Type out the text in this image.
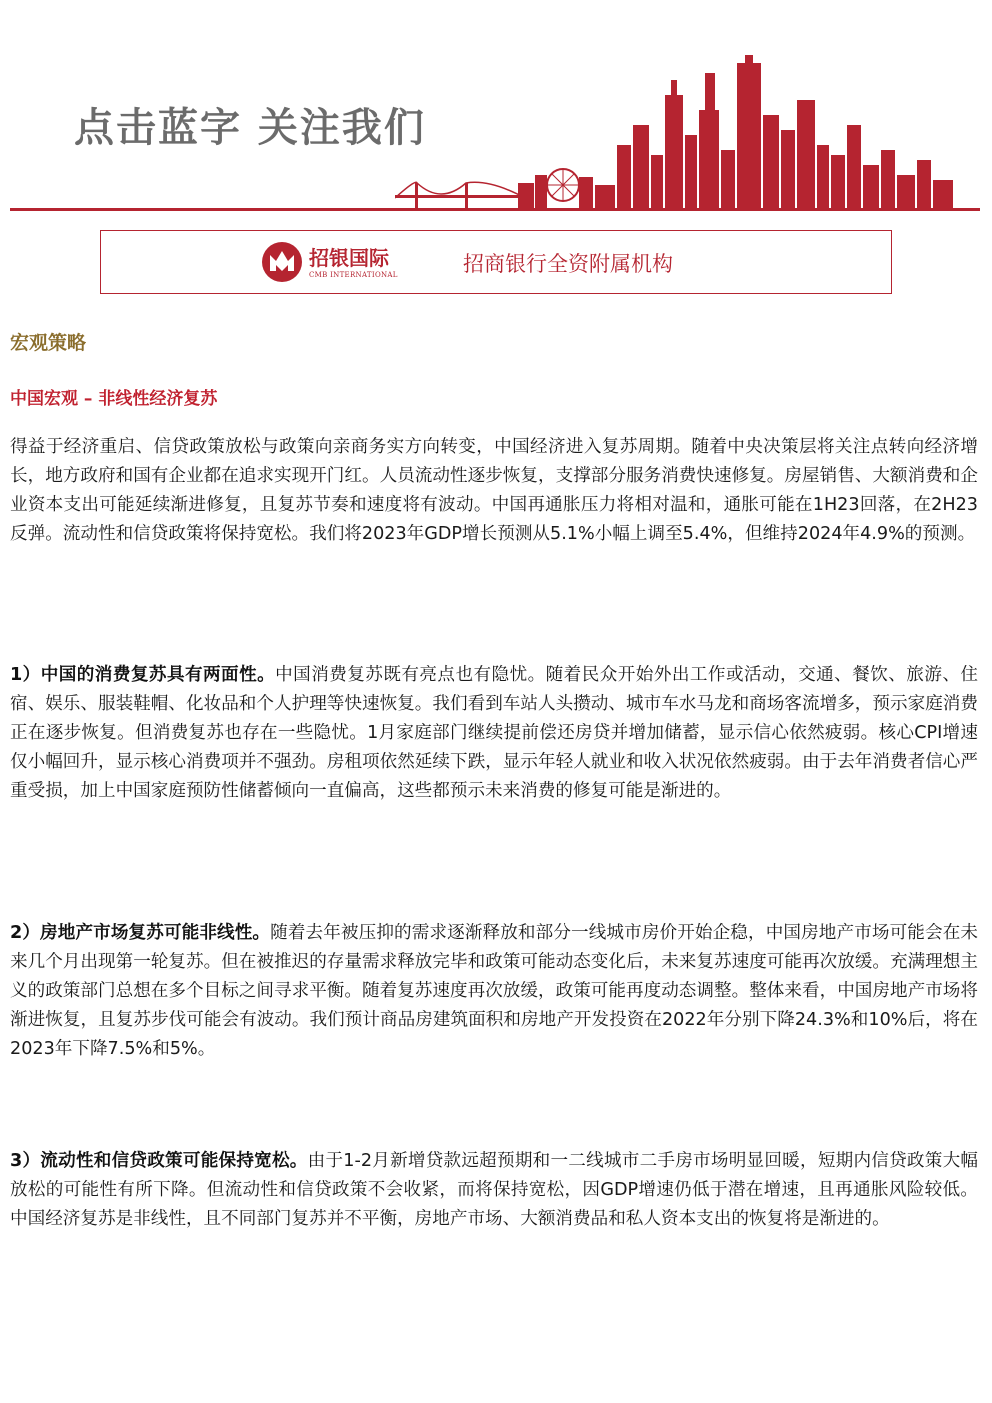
点击蓝字 关注我们
招银国际
CMB INTERNATIONAL	招商银行全资附属机构
宏观策略
中国宏观 – 非线性经济复苏

得益于经济重启、信贷政策放松与政策向亲商务实方向转变，中国经济进入复苏周期。随着中央决策层将关注点转向经济增长，地方政府和国有企业都在追求实现开门红。人员流动性逐步恢复，支撑部分服务消费快速修复。房屋销售、大额消费和企业资本支出可能延续渐进修复，且复苏节奏和速度将有波动。中国再通胀压力将相对温和，通胀可能在1H23回落，在2H23反弹。流动性和信贷政策将保持宽松。我们将2023年GDP增长预测从5.1%小幅上调至5.4%，但维持2024年4.9%的预测。

1）中国的消费复苏具有两面性。中国消费复苏既有亮点也有隐忧。随着民众开始外出工作或活动，交通、餐饮、旅游、住宿、娱乐、服装鞋帽、化妆品和个人护理等快速恢复。我们看到车站人头攒动、城市车水马龙和商场客流增多，预示家庭消费正在逐步恢复。但消费复苏也存在一些隐忧。1月家庭部门继续提前偿还房贷并增加储蓄，显示信心依然疲弱。核心CPI增速仅小幅回升，显示核心消费项并不强劲。房租项依然延续下跌，显示年轻人就业和收入状况依然疲弱。由于去年消费者信心严重受损，加上中国家庭预防性储蓄倾向一直偏高，这些都预示未来消费的修复可能是渐进的。

2）房地产市场复苏可能非线性。随着去年被压抑的需求逐渐释放和部分一线城市房价开始企稳，中国房地产市场可能会在未来几个月出现第一轮复苏。但在被推迟的存量需求释放完毕和政策可能动态变化后，未来复苏速度可能再次放缓。充满理想主义的政策部门总想在多个目标之间寻求平衡。随着复苏速度再次放缓，政策可能再度动态调整。整体来看，中国房地产市场将渐进恢复，且复苏步伐可能会有波动。我们预计商品房建筑面积和房地产开发投资在2022年分别下降24.3%和10%后，将在2023年下降7.5%和5%。

3）流动性和信贷政策可能保持宽松。由于1-2月新增贷款远超预期和一二线城市二手房市场明显回暖，短期内信贷政策大幅放松的可能性有所下降。但流动性和信贷政策不会收紧，而将保持宽松，因GDP增速仍低于潜在增速，且再通胀风险较低。中国经济复苏是非线性，且不同部门复苏并不平衡，房地产市场、大额消费品和私人资本支出的恢复将是渐进的。
